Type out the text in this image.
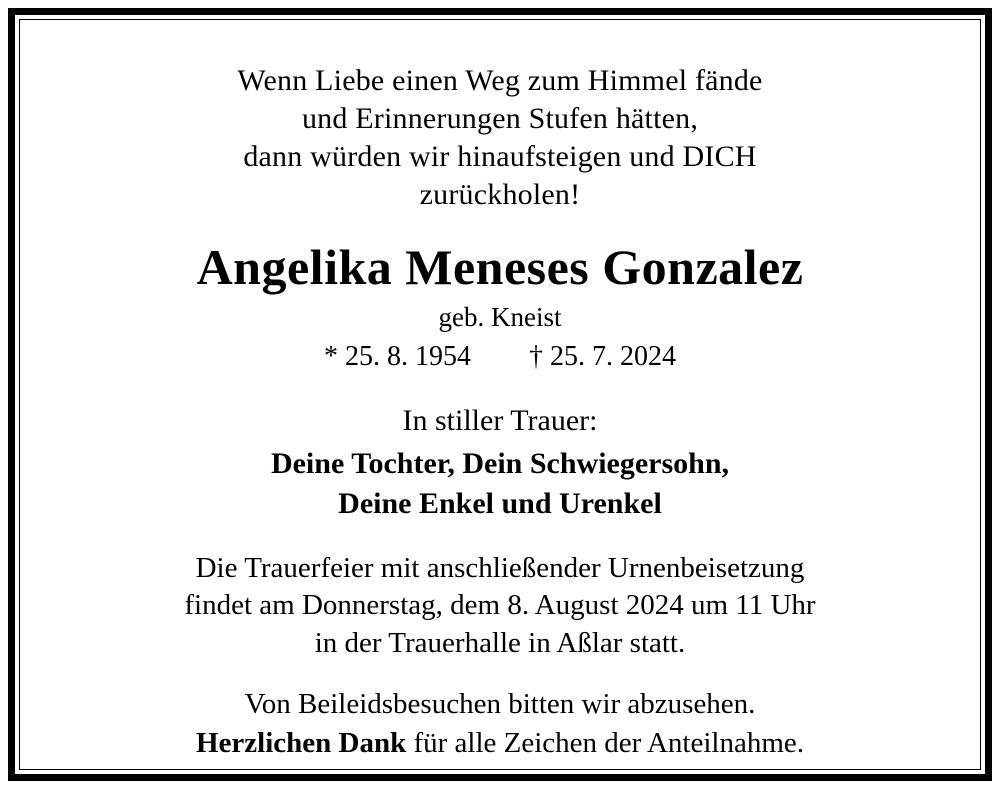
Wenn Liebe einen Weg zum Himmel fände
und Erinnerungen Stufen hätten,
dann würden wir hinaufsteigen und DICH
zurückholen!
Angelika Meneses Gonzalez
geb. Kneist
* 25. 8. 1954 † 25. 7. 2024
In stiller Trauer:
Deine Tochter, Dein Schwiegersohn,
Deine Enkel und Urenkel
Die Trauerfeier mit anschließender Urnenbeisetzung
findet am Donnerstag, dem 8. August 2024 um 11 Uhr
in der Trauerhalle in Aßlar statt.
Von Beileidsbesuchen bitten wir abzusehen.
Herzlichen Dank für alle Zeichen der Anteilnahme.
